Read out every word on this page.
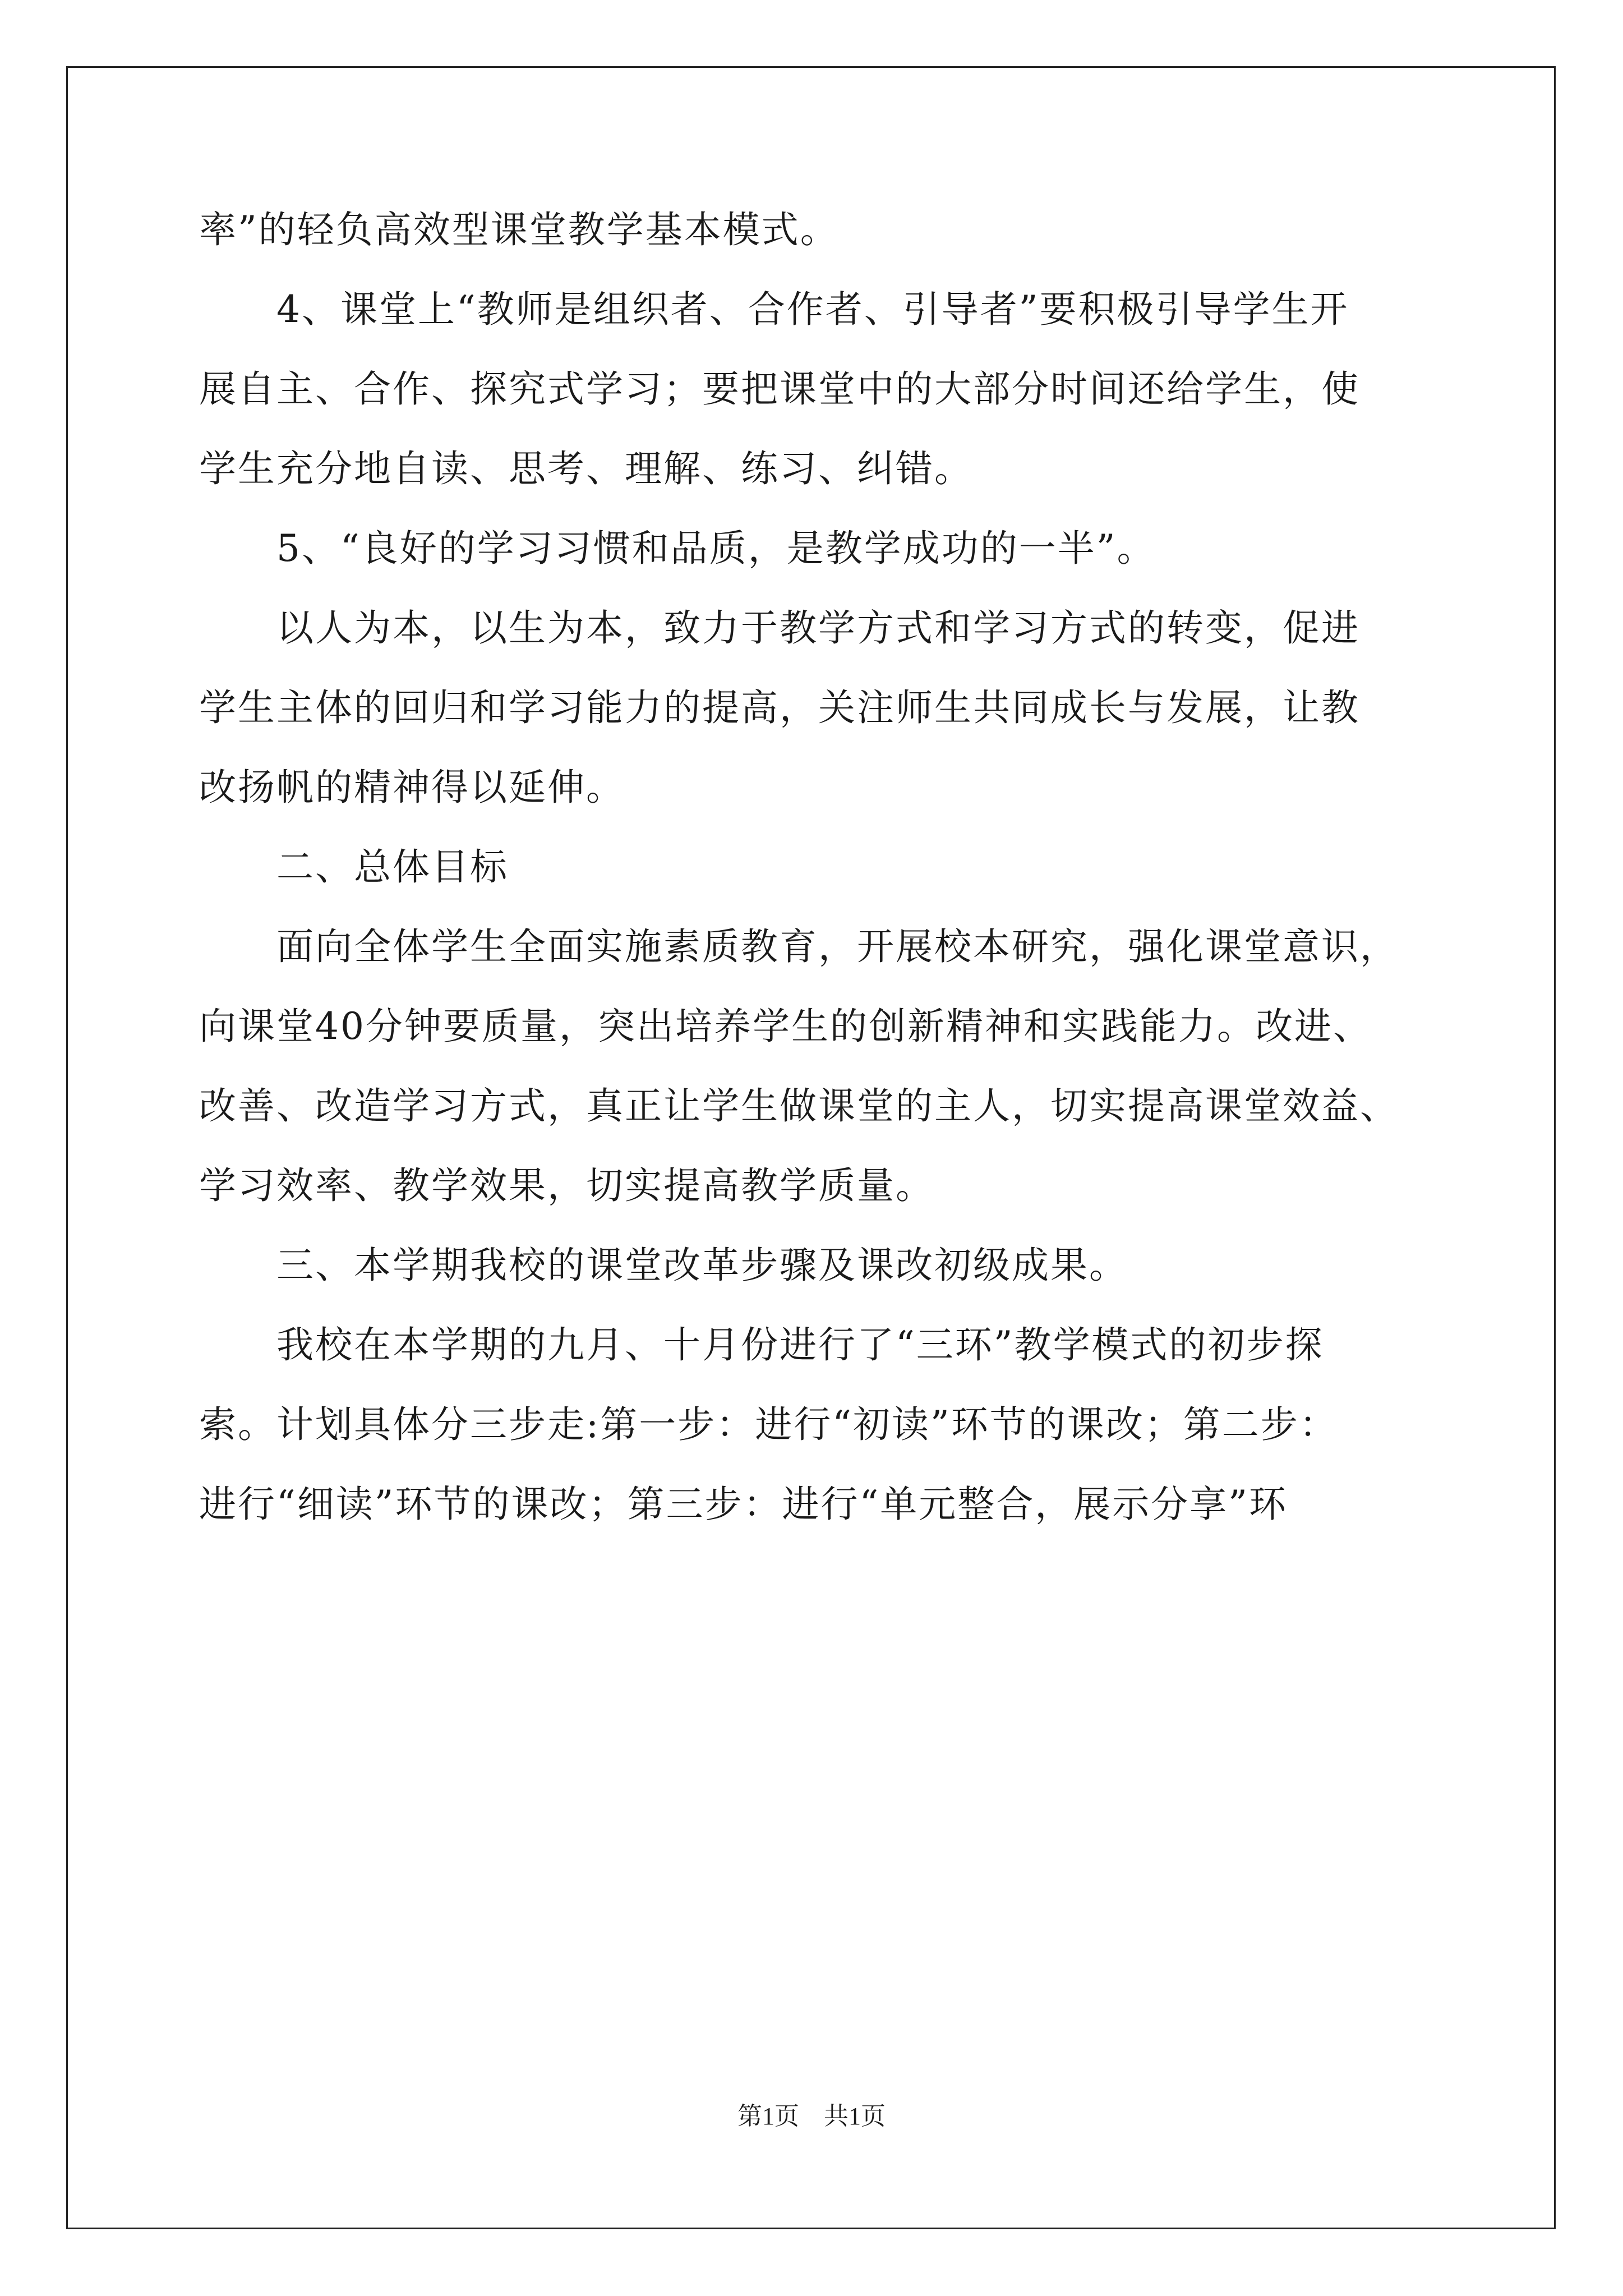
率”的轻负高效型课堂教学基本模式。
　　4、课堂上“教师是组织者、合作者、引导者”要积极引导学生开
展自主、合作、探究式学习；要把课堂中的大部分时间还给学生，使
学生充分地自读、思考、理解、练习、纠错。
　　5、“良好的学习习惯和品质，是教学成功的一半”。
　　以人为本，以生为本，致力于教学方式和学习方式的转变，促进
学生主体的回归和学习能力的提高，关注师生共同成长与发展，让教
改扬帆的精神得以延伸。
　　二、总体目标
　　面向全体学生全面实施素质教育，开展校本研究，强化课堂意识，
向课堂40分钟要质量，突出培养学生的创新精神和实践能力。改进、
改善、改造学习方式，真正让学生做课堂的主人，切实提高课堂效益、
学习效率、教学效果，切实提高教学质量。
　　三、本学期我校的课堂改革步骤及课改初级成果。
　　我校在本学期的九月、十月份进行了“三环”教学模式的初步探
索。计划具体分三步走:第一步：进行“初读”环节的课改；第二步：
进行“细读”环节的课改；第三步：进行“单元整合，展示分享”环
第1页　共1页
